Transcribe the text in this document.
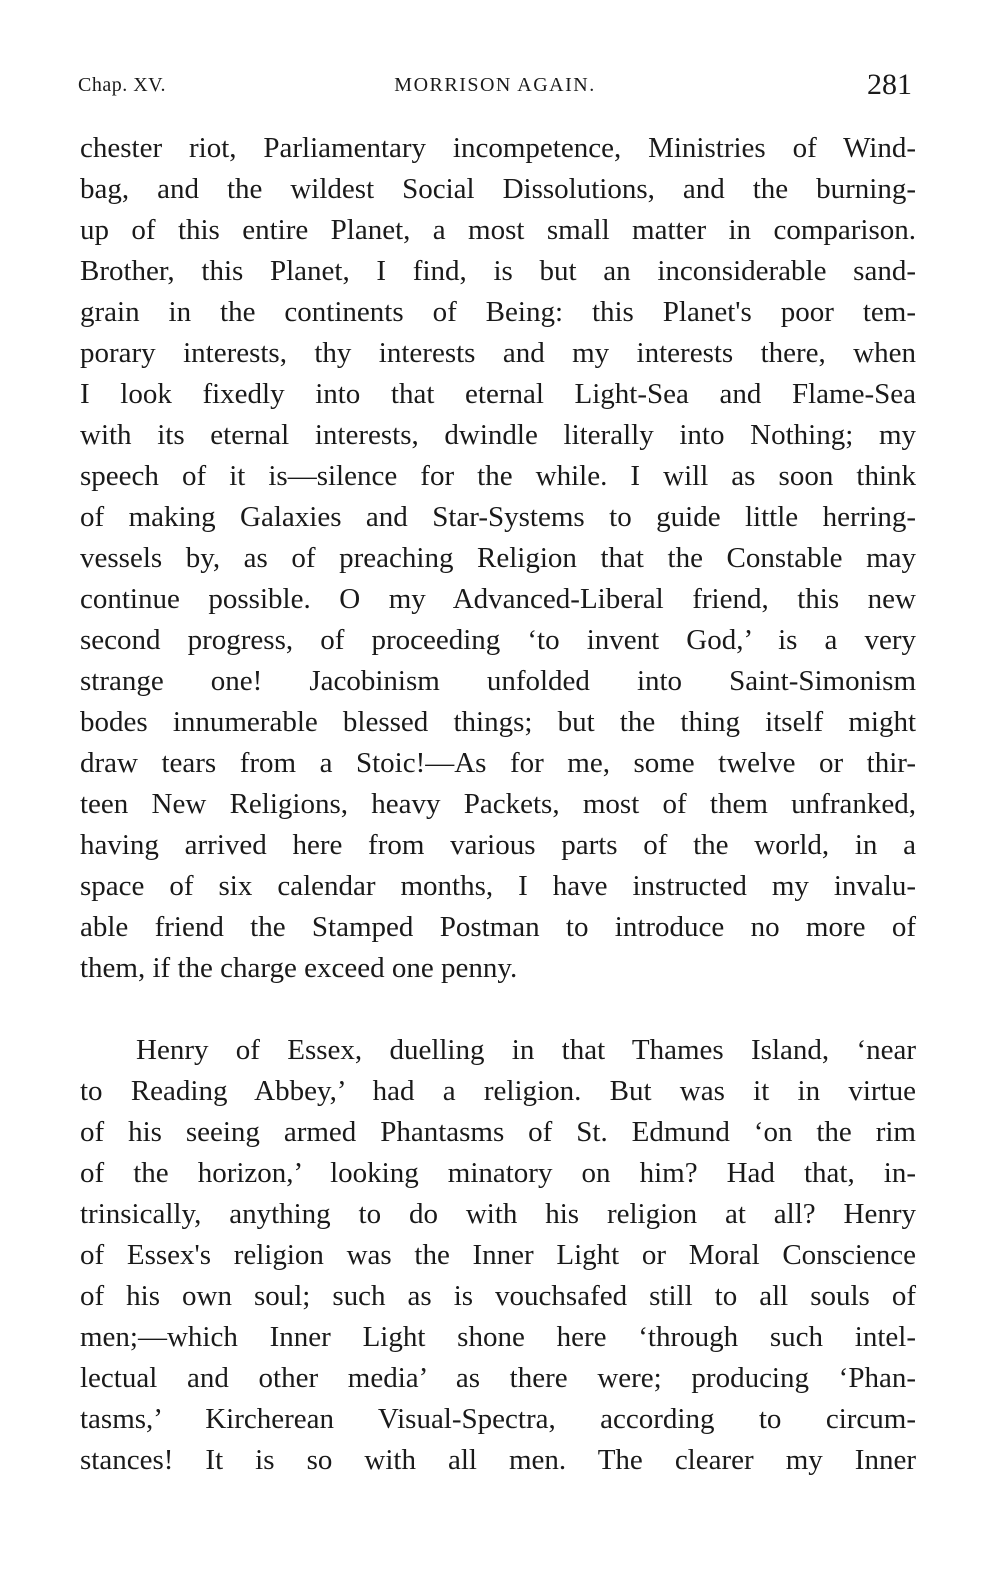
Chap. XV.	MORRISON AGAIN.	281
chester riot, Parliamentary incompetence, Ministries of Wind-
bag, and the wildest Social Dissolutions, and the burning-
up of this entire Planet, a most small matter in comparison.
Brother, this Planet, I find, is but an inconsiderable sand-
grain in the continents of Being: this Planet's poor tem-
porary interests, thy interests and my interests there, when
I look fixedly into that eternal Light-Sea and Flame-Sea
with its eternal interests, dwindle literally into Nothing; my
speech of it is—silence for the while. I will as soon think
of making Galaxies and Star-Systems to guide little herring-
vessels by, as of preaching Religion that the Constable may
continue possible. O my Advanced-Liberal friend, this new
second progress, of proceeding ‘to invent God,’ is a very
strange one! Jacobinism unfolded into Saint-Simonism
bodes innumerable blessed things; but the thing itself might
draw tears from a Stoic!—As for me, some twelve or thir-
teen New Religions, heavy Packets, most of them unfranked,
having arrived here from various parts of the world, in a
space of six calendar months, I have instructed my invalu-
able friend the Stamped Postman to introduce no more of
them, if the charge exceed one penny.
Henry of Essex, duelling in that Thames Island, ‘near
to Reading Abbey,’ had a religion. But was it in virtue
of his seeing armed Phantasms of St. Edmund ‘on the rim
of the horizon,’ looking minatory on him? Had that, in-
trinsically, anything to do with his religion at all? Henry
of Essex's religion was the Inner Light or Moral Conscience
of his own soul; such as is vouchsafed still to all souls of
men;—which Inner Light shone here ‘through such intel-
lectual and other media’ as there were; producing ‘Phan-
tasms,’ Kircherean Visual-Spectra, according to circum-
stances! It is so with all men. The clearer my Inner
